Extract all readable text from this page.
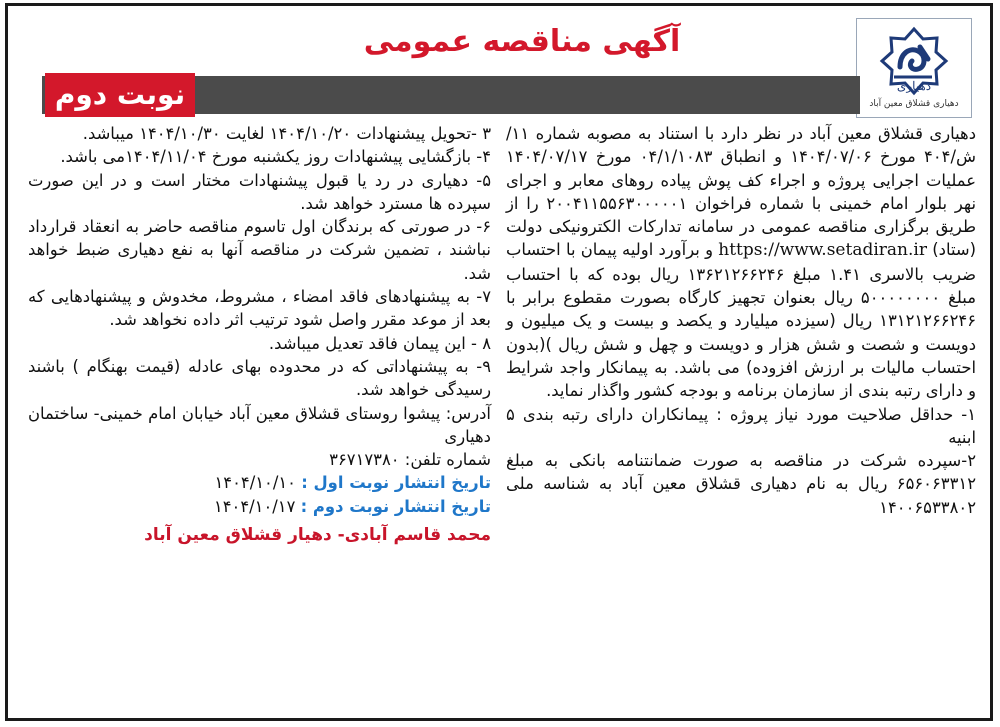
دهیاری
دهیاری قشلاق معین آباد
آگهی مناقصه عمومی
نوبت دوم

دهیاری قشلاق معین آباد در نظر دارد با استناد به مصوبه شماره ۱۱/ش/۴۰۴ مورخ ۱۴۰۴/۰۷/۰۶ و انطباق ۰۴/۱/۱۰۸۳ مورخ ۱۴۰۴/۰۷/۱۷ عملیات اجرایی پروژه و اجراء کف پوش پیاده روهای معابر و اجرای نهر بلوار امام خمینی با شماره فراخوان ۲۰۰۴۱۱۵۵۶۳۰۰۰۰۰۱ را از طریق برگزاری مناقصه عمومی در سامانه تدارکات الکترونیکی دولت (ستاد) https://www.setadiran.ir و برآورد اولیه پیمان با احتساب ضریب بالاسری ۱.۴۱ مبلغ ۱۳۶۲۱۲۶۶۲۴۶ ریال بوده که با احتساب مبلغ ۵۰۰۰۰۰۰۰۰ ریال بعنوان تجهیز کارگاه بصورت مقطوع برابر با ۱۳۱۲۱۲۶۶۲۴۶ ریال (سیزده میلیارد و یکصد و بیست و یک میلیون و دویست و شصت و شش هزار و دویست و چهل و شش ریال )(بدون احتساب مالیات بر ارزش افزوده) می باشد. به پیمانکار واجد شرایط و دارای رتبه بندی از سازمان برنامه و بودجه کشور واگذار نماید.

۱- حداقل صلاحیت مورد نیاز پروژه : پیمانکاران دارای رتبه بندی ۵ ابنیه

۲-سپرده شرکت در مناقصه به صورت ضمانتنامه بانکی به مبلغ ۶۵۶۰۶۳۳۱۲ ریال به نام دهیاری قشلاق معین آباد به شناسه ملی ۱۴۰۰۶۵۳۳۸۰۲

۳ -تحویل پیشنهادات ۱۴۰۴/۱۰/۲۰ لغایت ۱۴۰۴/۱۰/۳۰ میباشد.

۴- بازگشایی پیشنهادات روز یکشنبه مورخ ۱۴۰۴/۱۱/۰۴می باشد.

۵- دهیاری در رد یا قبول پیشنهادات مختار است و در این صورت سپرده ها مسترد خواهد شد.

۶- در صورتی که برندگان اول تاسوم مناقصه حاضر به انعقاد قرارداد نباشند ، تضمین شرکت در مناقصه آنها به نفع دهیاری ضبط خواهد شد.

۷- به پیشنهادهای فاقد امضاء ، مشروط، مخدوش و پیشنهادهایی که بعد از موعد مقرر واصل شود ترتیب اثر داده نخواهد شد.

۸ - این پیمان فاقد تعدیل میباشد.

۹- به پیشنهاداتی که در محدوده بهای عادله (قیمت بهنگام ) باشند رسیدگی خواهد شد.

آدرس: پیشوا روستای قشلاق معین آباد خیابان امام خمینی- ساختمان دهیاری

شماره تلفن: ۳۶۷۱۷۳۸۰

تاریخ انتشار نوبت اول : ۱۴۰۴/۱۰/۱۰

تاریخ انتشار نوبت دوم : ۱۴۰۴/۱۰/۱۷

محمد قاسم آبادی- دهیار قشلاق معین آباد
